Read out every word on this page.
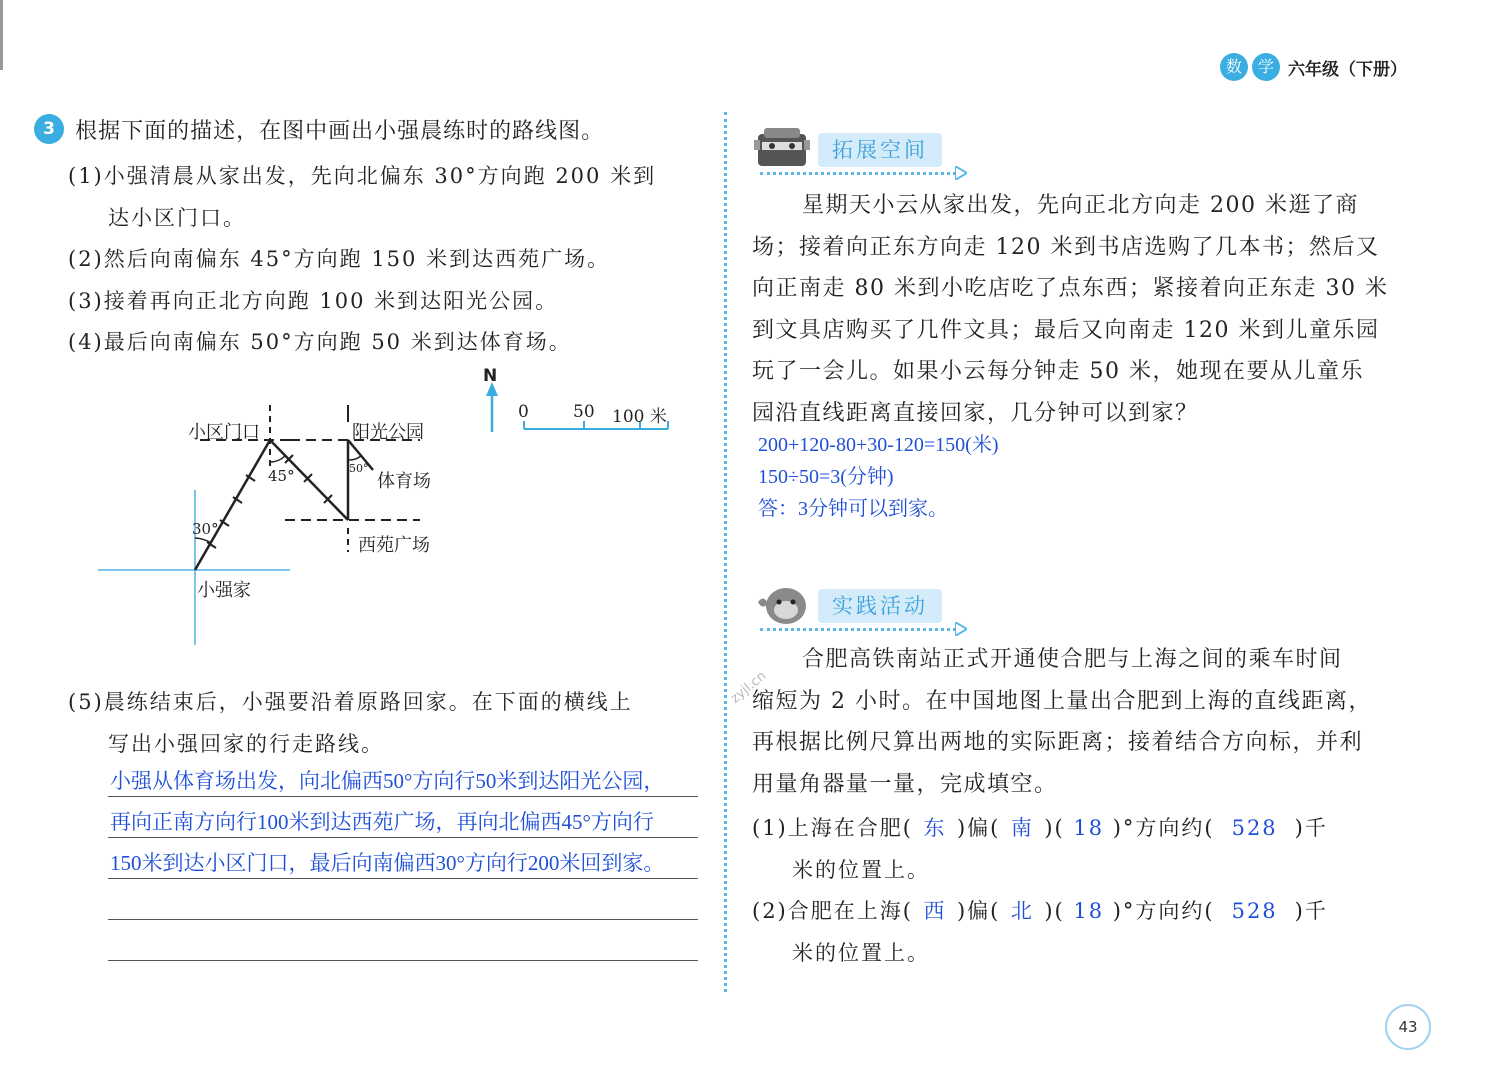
数 学 六年级（下册）
3 根据下面的描述，在图中画出小强晨练时的路线图。
(1)小强清晨从家出发，先向北偏东 30°方向跑 200 米到
达小区门口。
(2)然后向南偏东 45°方向跑 150 米到达西苑广场。
(3)接着再向正北方向跑 100 米到达阳光公园。
(4)最后向南偏东 50°方向跑 50 米到达体育场。
N
0	50 100 米
小区门口	阳光公园
体育场
西苑广场
小强家
30°
45°	50°
(5)晨练结束后，小强要沿着原路回家。在下面的横线上
写出小强回家的行走路线。
小强从体育场出发，向北偏西50°方向行50米到达阳光公园，
再向正南方向行100米到达西苑广场，再向北偏西45°方向行
150米到达小区门口，最后向南偏西30°方向行200米回到家。
拓展空间
星期天小云从家出发，先向正北方向走 200 米逛了商
场；接着向正东方向走 120 米到书店选购了几本书；然后又
向正南走 80 米到小吃店吃了点东西；紧接着向正东走 30 米
到文具店购买了几件文具；最后又向南走 120 米到儿童乐园
玩了一会儿。如果小云每分钟走 50 米，她现在要从儿童乐
园沿直线距离直接回家，几分钟可以到家？
200+120-80+30-120=150(米)
150÷50=3(分钟)
答：3分钟可以到家。
实践活动
合肥高铁南站正式开通使合肥与上海之间的乘车时间
缩短为 2 小时。在中国地图上量出合肥到上海的直线距离，
再根据比例尺算出两地的实际距离；接着结合方向标，并利
用量角器量一量，完成填空。
(1)上海在合肥( 东 )偏( 南 )( 18 )°方向约( 528 )千
米的位置上。
(2)合肥在上海( 西 )偏( 北 )( 18 )°方向约( 528 )千
米的位置上。
zyjl.cn
43
